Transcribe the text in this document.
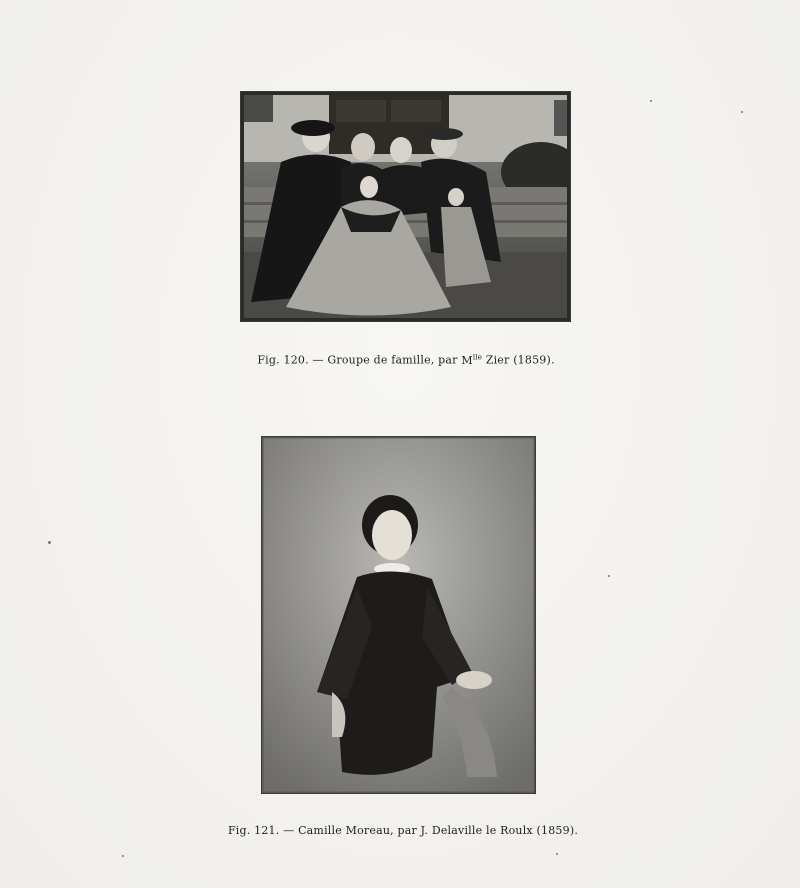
Fig. 120. — Groupe de famille, par $M^{lle}$ Zier (1859).
Fig. 121. — Camille Moreau, par J. Delaville le Roulx (1859).
